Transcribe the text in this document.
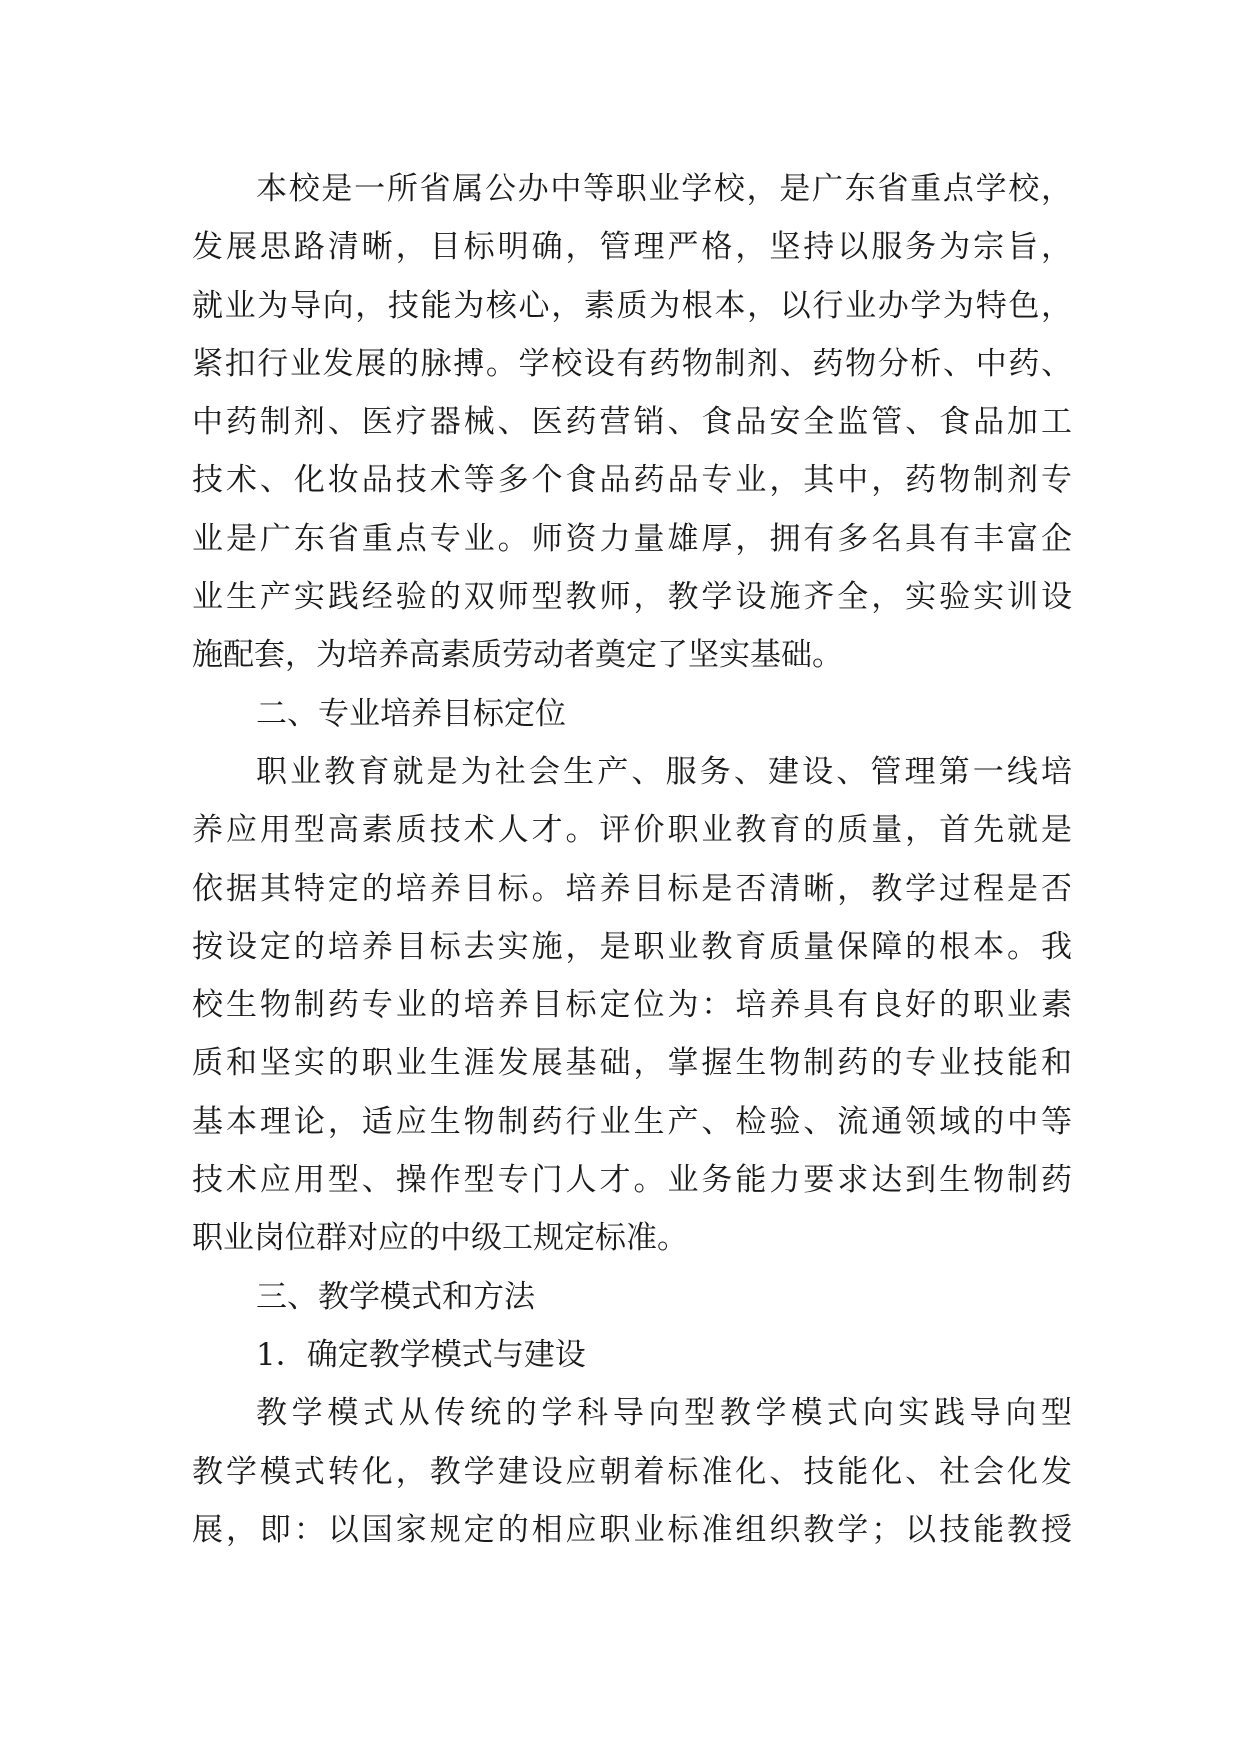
本校是一所省属公办中等职业学校，是广东省重点学校，
发展思路清晰，目标明确，管理严格，坚持以服务为宗旨，
就业为导向，技能为核心，素质为根本，以行业办学为特色，
紧扣行业发展的脉搏。学校设有药物制剂、药物分析、中药、
中药制剂、医疗器械、医药营销、食品安全监管、食品加工
技术、化妆品技术等多个食品药品专业，其中，药物制剂专
业是广东省重点专业。师资力量雄厚，拥有多名具有丰富企
业生产实践经验的双师型教师，教学设施齐全，实验实训设
施配套，为培养高素质劳动者奠定了坚实基础。
二、专业培养目标定位
职业教育就是为社会生产、服务、建设、管理第一线培
养应用型高素质技术人才。评价职业教育的质量，首先就是
依据其特定的培养目标。培养目标是否清晰，教学过程是否
按设定的培养目标去实施，是职业教育质量保障的根本。我
校生物制药专业的培养目标定位为：培养具有良好的职业素
质和坚实的职业生涯发展基础，掌握生物制药的专业技能和
基本理论，适应生物制药行业生产、检验、流通领域的中等
技术应用型、操作型专门人才。业务能力要求达到生物制药
职业岗位群对应的中级工规定标准。
三、教学模式和方法
1．确定教学模式与建设
教学模式从传统的学科导向型教学模式向实践导向型
教学模式转化，教学建设应朝着标准化、技能化、社会化发
展，即：以国家规定的相应职业标准组织教学；以技能教授
